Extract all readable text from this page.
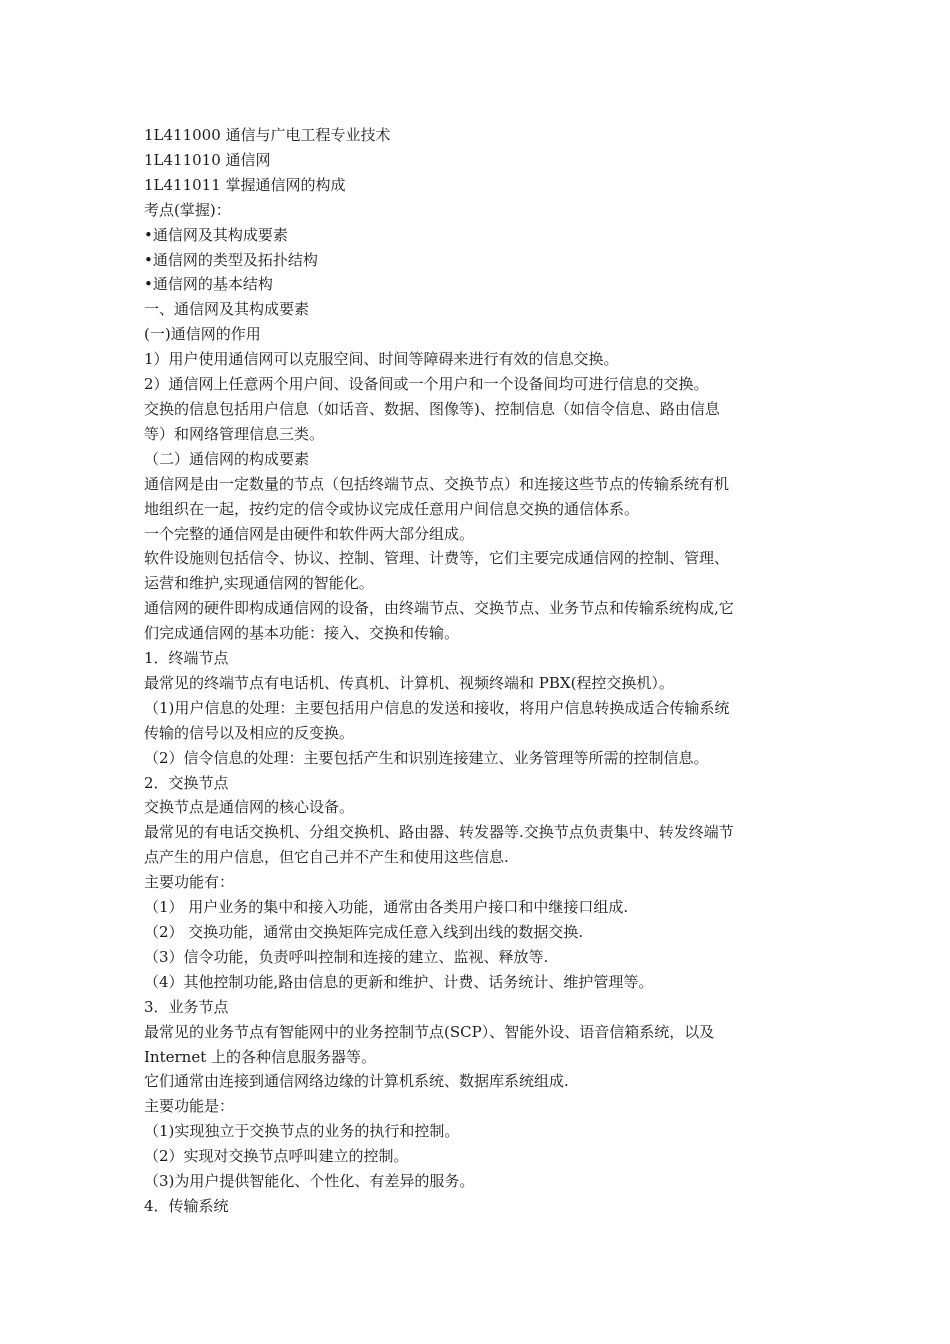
1L411000 通信与广电工程专业技术
1L411010 通信网
1L411011 掌握通信网的构成
考点(掌握)：
•通信网及其构成要素
•通信网的类型及拓扑结构
•通信网的基本结构
一、通信网及其构成要素
(一)通信网的作用
1）用户使用通信网可以克服空间、时间等障碍来进行有效的信息交换。
2）通信网上任意两个用户间、设备间或一个用户和一个设备间均可进行信息的交换。
交换的信息包括用户信息（如话音、数据、图像等)、控制信息（如信令信息、路由信息
等）和网络管理信息三类。
（二）通信网的构成要素
通信网是由一定数量的节点（包括终端节点、交换节点）和连接这些节点的传输系统有机
地组织在一起，按约定的信令或协议完成任意用户间信息交换的通信体系。
一个完整的通信网是由硬件和软件两大部分组成。
软件设施则包括信令、协议、控制、管理、计费等，它们主要完成通信网的控制、管理、
运营和维护,实现通信网的智能化。
通信网的硬件即构成通信网的设备，由终端节点、交换节点、业务节点和传输系统构成,它
们完成通信网的基本功能：接入、交换和传输。
1．终端节点
最常见的终端节点有电话机、传真机、计算机、视频终端和 PBX(程控交换机）。
（1)用户信息的处理：主要包括用户信息的发送和接收，将用户信息转换成适合传输系统
传输的信号以及相应的反变换。
（2）信令信息的处理：主要包括产生和识别连接建立、业务管理等所需的控制信息。
2．交换节点
交换节点是通信网的核心设备。
最常见的有电话交换机、分组交换机、路由器、转发器等.交换节点负责集中、转发终端节
点产生的用户信息，但它自己并不产生和使用这些信息.
主要功能有：
（1） 用户业务的集中和接入功能，通常由各类用户接口和中继接口组成.
（2） 交换功能，通常由交换矩阵完成任意入线到出线的数据交换.
（3）信令功能，负责呼叫控制和连接的建立、监视、释放等.
（4）其他控制功能,路由信息的更新和维护、计费、话务统计、维护管理等。
3．业务节点
最常见的业务节点有智能网中的业务控制节点(SCP）、智能外设、语音信箱系统，以及
Internet 上的各种信息服务器等。
它们通常由连接到通信网络边缘的计算机系统、数据库系统组成.
主要功能是：
（1)实现独立于交换节点的业务的执行和控制。
（2）实现对交换节点呼叫建立的控制。
（3)为用户提供智能化、个性化、有差异的服务。
4．传输系统
